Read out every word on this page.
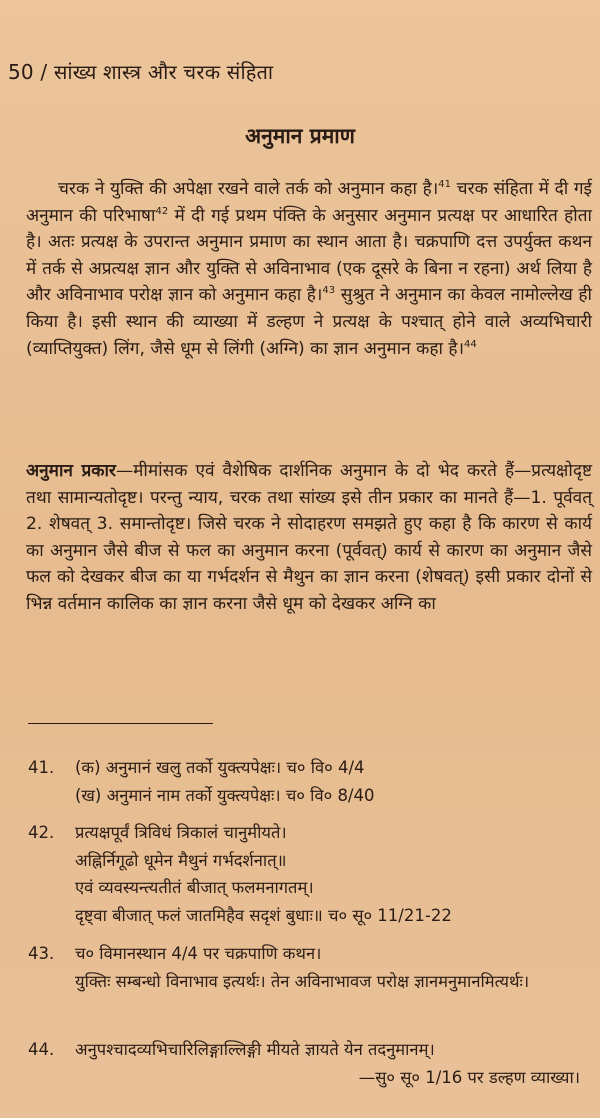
50 / सांख्य शास्त्र और चरक संहिता
अनुमान प्रमाण
चरक ने युक्ति की अपेक्षा रखने वाले तर्क को अनुमान कहा है।$^{41}$ चरक संहिता में दी गई अनुमान की परिभाषा$^{42}$ में दी गई प्रथम पंक्ति के अनुसार अनुमान प्रत्यक्ष पर आधारित होता है। अतः प्रत्यक्ष के उपरान्त अनुमान प्रमाण का स्थान आता है। चक्रपाणि दत्त उपर्युक्त कथन में तर्क से अप्रत्यक्ष ज्ञान और युक्ति से अविनाभाव (एक दूसरे के बिना न रहना) अर्थ लिया है और अविनाभाव परोक्ष ज्ञान को अनुमान कहा है।$^{43}$ सुश्रुत ने अनुमान का केवल नामोल्लेख ही किया है। इसी स्थान की व्याख्या में डल्हण ने प्रत्यक्ष के पश्चात् होने वाले अव्यभिचारी (व्याप्तियुक्त) लिंग, जैसे धूम से लिंगी (अग्नि) का ज्ञान अनुमान कहा है।$^{44}$
अनुमान प्रकार—मीमांसक एवं वैशेषिक दार्शनिक अनुमान के दो भेद करते हैं—प्रत्यक्षोदृष्ट तथा सामान्यतोदृष्ट। परन्तु न्याय, चरक तथा सांख्य इसे तीन प्रकार का मानते हैं—1. पूर्ववत् 2. शेषवत् 3. समान्तोदृष्ट। जिसे चरक ने सोदाहरण समझते हुए कहा है कि कारण से कार्य का अनुमान जैसे बीज से फल का अनुमान करना (पूर्ववत्) कार्य से कारण का अनुमान जैसे फल को देखकर बीज का या गर्भदर्शन से मैथुन का ज्ञान करना (शेषवत्) इसी प्रकार दोनों से भिन्न वर्तमान कालिक का ज्ञान करना जैसे धूम को देखकर अग्नि का
41.	(क) अनुमानं खलु तर्को युक्त्यपेक्षः। च० वि० 4/4
(ख) अनुमानं नाम तर्को युक्त्यपेक्षः। च० वि० 8/40
42.	प्रत्यक्षपूर्वं त्रिविधं त्रिकालं चानुमीयते।
अह्निर्निगूढो धूमेन मैथुनं गर्भदर्शनात्॥
एवं व्यवस्यन्त्यतीतं बीजात् फलमनागतम्।
दृष्ट्वा बीजात् फलं जातमिहैव सदृशं बुधाः॥ च० सू० 11/21-22
43.	च० विमानस्थान 4/4 पर चक्रपाणि कथन।
युक्तिः सम्बन्धो विनाभाव इत्यर्थः। तेन अविनाभावज परोक्ष ज्ञानमनुमानमित्यर्थः।
44.	अनुपश्चादव्यभिचारिलिङ्गाल्लिङ्गी मीयते ज्ञायते येन तदनुमानम्।
—सु० सू० 1/16 पर डल्हण व्याख्या।
